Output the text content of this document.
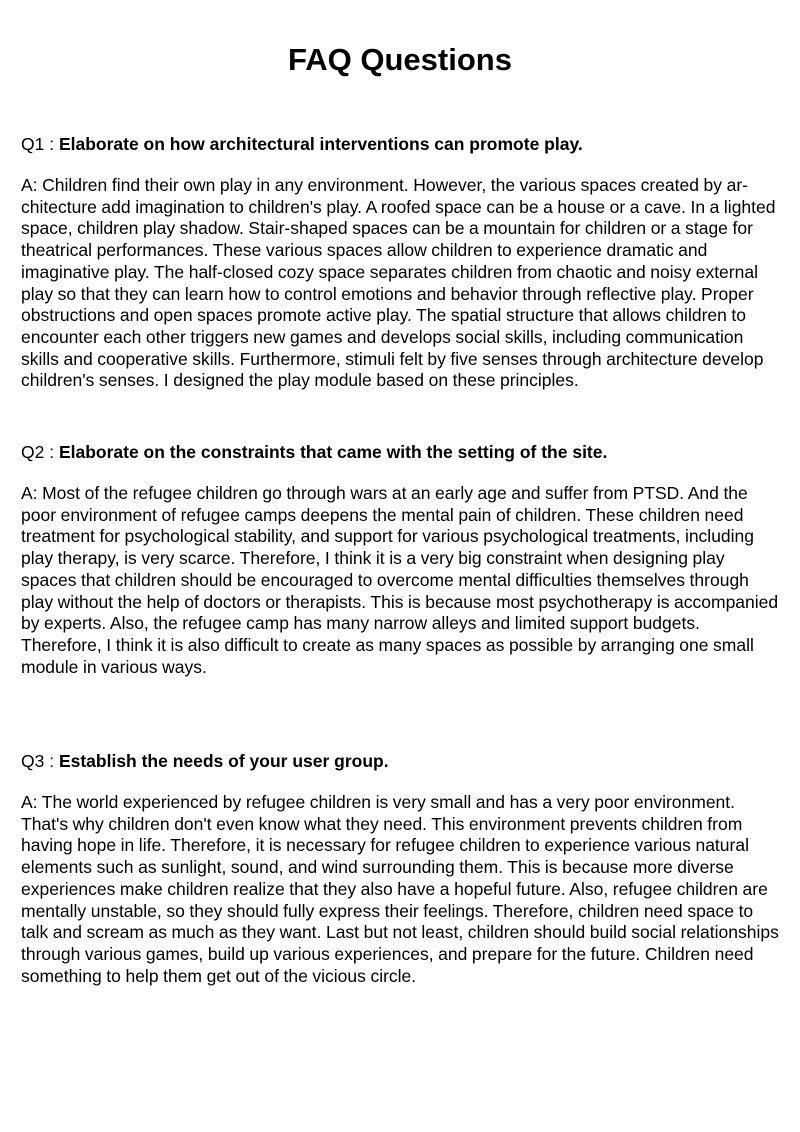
FAQ Questions

Q1 : Elaborate on how architectural interventions can promote play.

A: Children find their own play in any environment. However, the various spaces created by architecture add imagination to children's play. A roofed space can be a house or a cave. In a lighted space, children play shadow. Stair-shaped spaces can be a mountain for children or a stage for theatrical performances. These various spaces allow children to experience dramatic and imaginative play. The half-closed cozy space separates children from chaotic and noisy external play so that they can learn how to control emotions and behavior through reflective play. Proper obstructions and open spaces promote active play. The spatial structure that allows children to encounter each other triggers new games and develops social skills, including communication skills and cooperative skills. Furthermore, stimuli felt by five senses through architecture develop children's senses. I designed the play module based on these principles.

Q2 : Elaborate on the constraints that came with the setting of the site.

A: Most of the refugee children go through wars at an early age and suffer from PTSD. And the poor environment of refugee camps deepens the mental pain of children. These children need treatment for psychological stability, and support for various psychological treatments, including play therapy, is very scarce. Therefore, I think it is a very big constraint when designing play spaces that children should be encouraged to overcome mental difficulties themselves through play without the help of doctors or therapists. This is because most psychotherapy is accompanied by experts. Also, the refugee camp has many narrow alleys and limited support budgets. Therefore, I think it is also difficult to create as many spaces as possible by arranging one small module in various ways.

Q3 : Establish the needs of your user group.

A: The world experienced by refugee children is very small and has a very poor environment. That's why children don't even know what they need. This environment prevents children from having hope in life. Therefore, it is necessary for refugee children to experience various natural elements such as sunlight, sound, and wind surrounding them. This is because more diverse experiences make children realize that they also have a hopeful future. Also, refugee children are mentally unstable, so they should fully express their feelings. Therefore, children need space to talk and scream as much as they want. Last but not least, children should build social relationships through various games, build up various experiences, and prepare for the future. Children need something to help them get out of the vicious circle.
